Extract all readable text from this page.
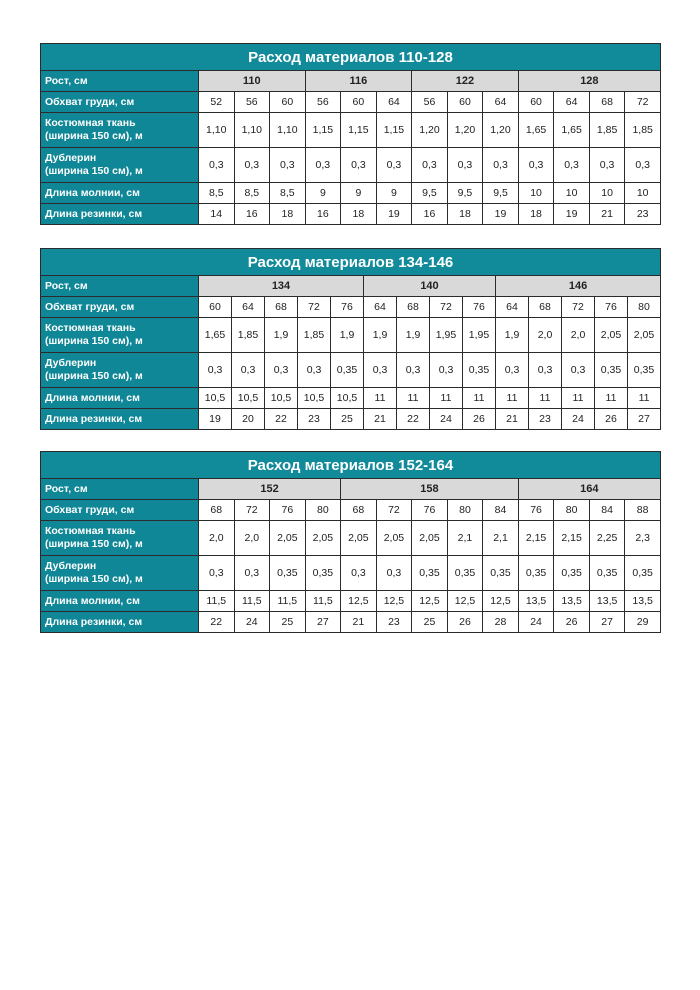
Расход материалов 110-128													
Рост, см	110			116			122			128			
Обхват груди, см	52	56	60	56	60	64	56	60	64	60	64	68	72
Костюмная ткань
(ширина 150 см), м	1,10	1,10	1,10	1,15	1,15	1,15	1,20	1,20	1,20	1,65	1,65	1,85	1,85
Дублерин
(ширина 150 см), м	0,3	0,3	0,3	0,3	0,3	0,3	0,3	0,3	0,3	0,3	0,3	0,3	0,3
Длина молнии, см	8,5	8,5	8,5	9	9	9	9,5	9,5	9,5	10	10	10	10
Длина резинки, см	14	16	18	16	18	19	16	18	19	18	19	21	23
Расход материалов 134-146														
Рост, см	134					140				146				
Обхват груди, см	60	64	68	72	76	64	68	72	76	64	68	72	76	80
Костюмная ткань
(ширина 150 см), м	1,65	1,85	1,9	1,85	1,9	1,9	1,9	1,95	1,95	1,9	2,0	2,0	2,05	2,05
Дублерин
(ширина 150 см), м	0,3	0,3	0,3	0,3	0,35	0,3	0,3	0,3	0,35	0,3	0,3	0,3	0,35	0,35
Длина молнии, см	10,5	10,5	10,5	10,5	10,5	11	11	11	11	11	11	11	11	11
Длина резинки, см	19	20	22	23	25	21	22	24	26	21	23	24	26	27
Расход материалов 152-164													
Рост, см	152				158					164			
Обхват груди, см	68	72	76	80	68	72	76	80	84	76	80	84	88
Костюмная ткань
(ширина 150 см), м	2,0	2,0	2,05	2,05	2,05	2,05	2,05	2,1	2,1	2,15	2,15	2,25	2,3
Дублерин
(ширина 150 см), м	0,3	0,3	0,35	0,35	0,3	0,3	0,35	0,35	0,35	0,35	0,35	0,35	0,35
Длина молнии, см	11,5	11,5	11,5	11,5	12,5	12,5	12,5	12,5	12,5	13,5	13,5	13,5	13,5
Длина резинки, см	22	24	25	27	21	23	25	26	28	24	26	27	29
